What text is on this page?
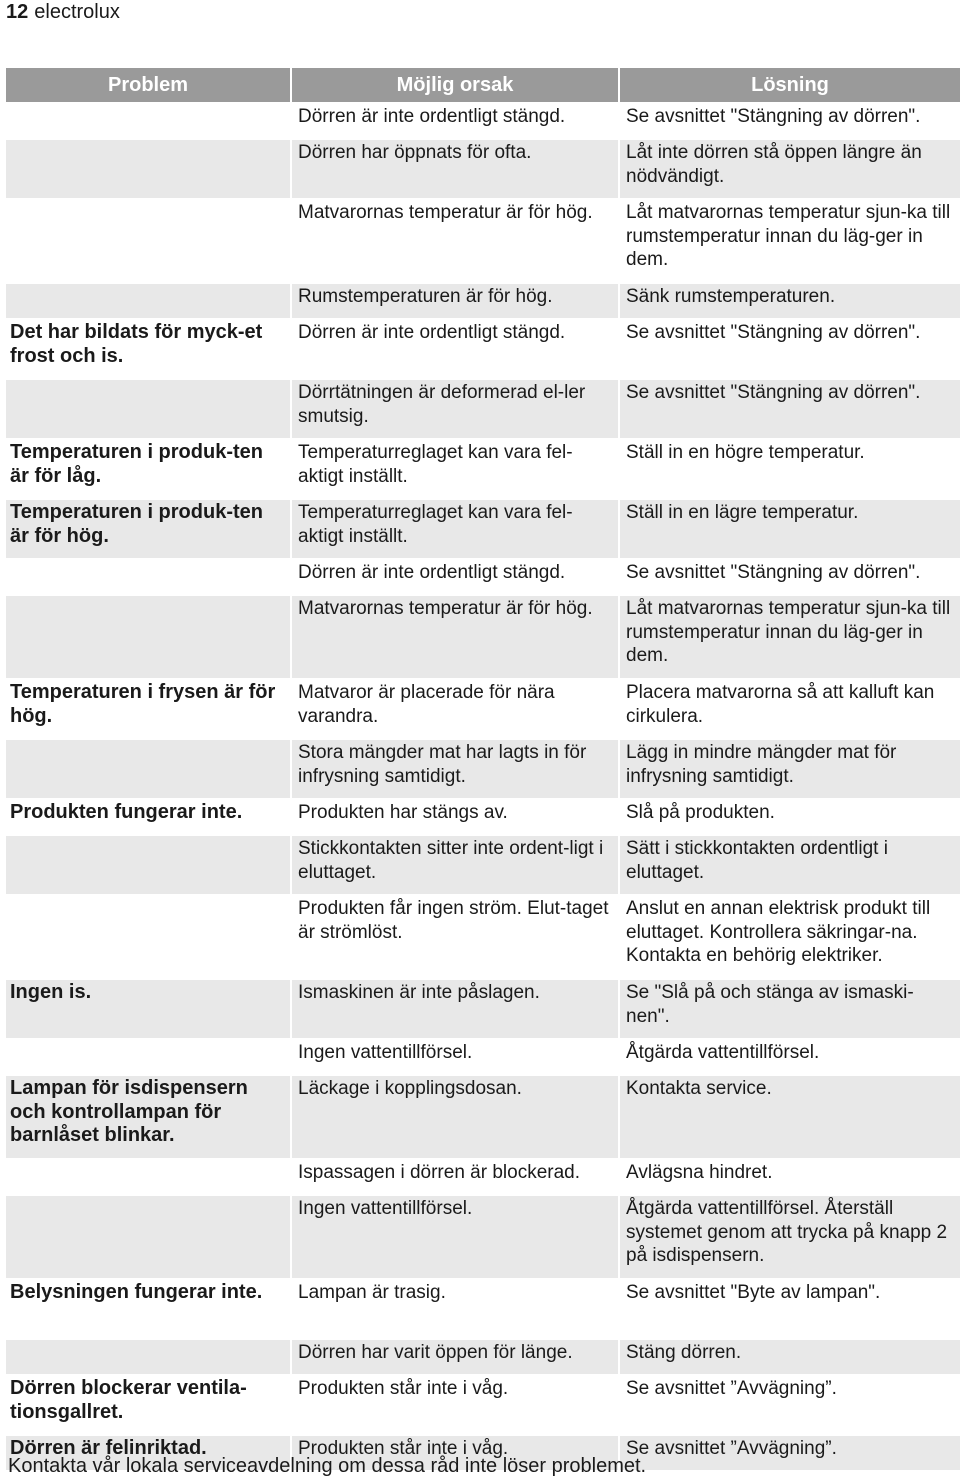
12 electrolux
Problem	Möjlig orsak	Lösning
	Dörren är inte ordentligt stängd.	Se avsnittet "Stängning av dörren".
	Dörren har öppnats för ofta.	Låt inte dörren stå öppen längre än nödvändigt.
	Matvarornas temperatur är för hög.	Låt matvarornas temperatur sjun-ka till rumstemperatur innan du läg-ger in dem.
	Rumstemperaturen är för hög.	Sänk rumstemperaturen.
Det har bildats för myck-et frost och is.	Dörren är inte ordentligt stängd.	Se avsnittet "Stängning av dörren".
	Dörrtätningen är deformerad el-ler smutsig.	Se avsnittet "Stängning av dörren".
Temperaturen i produk-ten är för låg.	Temperaturreglaget kan vara fel-aktigt inställt.	Ställ in en högre temperatur.
Temperaturen i produk-ten är för hög.	Temperaturreglaget kan vara fel-aktigt inställt.	Ställ in en lägre temperatur.
	Dörren är inte ordentligt stängd.	Se avsnittet "Stängning av dörren".
	Matvarornas temperatur är för hög.	Låt matvarornas temperatur sjun-ka till rumstemperatur innan du läg-ger in dem.
Temperaturen i frysen är för hög.	Matvaror är placerade för nära varandra.	Placera matvarorna så att kalluft kan cirkulera.
	Stora mängder mat har lagts in för infrysning samtidigt.	Lägg in mindre mängder mat för infrysning samtidigt.
Produkten fungerar inte.	Produkten har stängs av.	Slå på produkten.
	Stickkontakten sitter inte ordent-ligt i eluttaget.	Sätt i stickkontakten ordentligt i eluttaget.
	Produkten får ingen ström. Elut-taget är strömlöst.	Anslut en annan elektrisk produkt till eluttaget. Kontrollera säkringar-na. Kontakta en behörig elektriker.
Ingen is.	Ismaskinen är inte påslagen.	Se "Slå på och stänga av ismaski-nen".
	Ingen vattentillförsel.	Åtgärda vattentillförsel.
Lampan för isdispensern och kontrollampan för barnlåset blinkar.	Läckage i kopplingsdosan.	Kontakta service.
	Ispassagen i dörren är blockerad.	Avlägsna hindret.
	Ingen vattentillförsel.	Åtgärda vattentillförsel. Återställ systemet genom att trycka på knapp 2 på isdispensern.
Belysningen fungerar inte.	Lampan är trasig.	Se avsnittet "Byte av lampan".
	Dörren har varit öppen för länge.	Stäng dörren.
Dörren blockerar ventila-tionsgallret.	Produkten står inte i våg.	Se avsnittet ”Avvägning”.
Dörren är felinriktad.	Produkten står inte i våg.	Se avsnittet ”Avvägning”.
Kontakta vår lokala serviceavdelning om dessa råd inte löser problemet.
